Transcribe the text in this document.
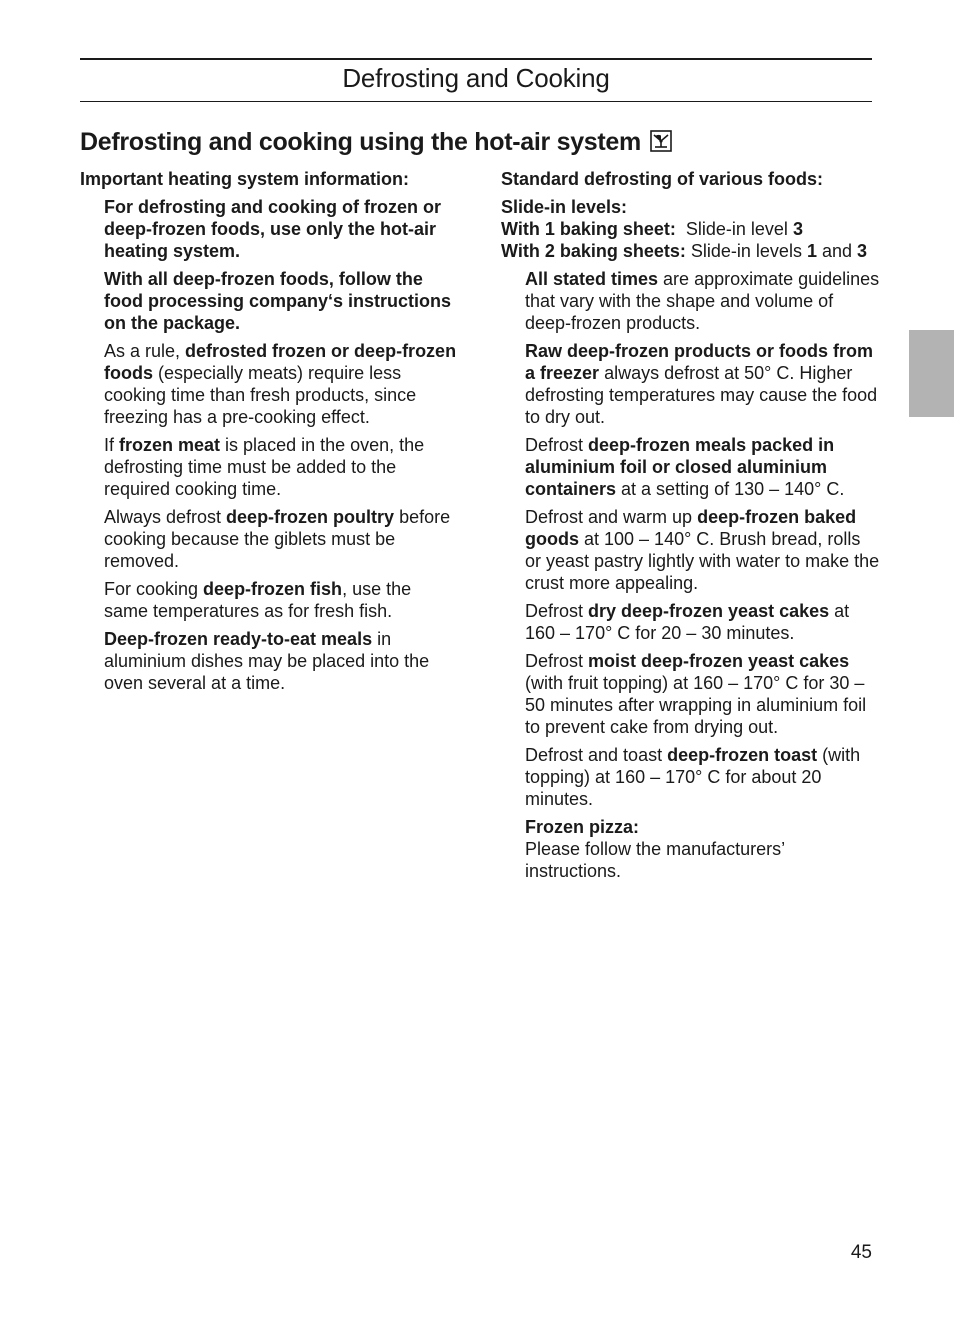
Defrosting and Cooking
Defrosting and cooking using the hot-air system

Important heating system information:

For defrosting and cooking of frozen or deep-frozen foods, use only the hot-air heating system.

With all deep-frozen foods, follow the food processing company‘s instructions on the package.

As a rule, defrosted frozen or deep-frozen foods (especially meats) require less cooking time than fresh products, since freezing has a pre-cooking effect.

If frozen meat is placed in the oven, the defrosting time must be added to the required cooking time.

Always defrost deep-frozen poultry before cooking because the giblets must be removed.

For cooking deep-frozen fish, use the same temperatures as for fresh fish.

Deep-frozen ready-to-eat meals in aluminium dishes may be placed into the oven several at a time.

Standard defrosting of various foods:

Slide-in levels:

With 1 baking sheet: Slide-in level 3

With 2 baking sheets: Slide-in levels 1 and 3

All stated times are approximate guidelines that vary with the shape and volume of deep-frozen products.

Raw deep-frozen products or foods from a freezer always defrost at 50° C. Higher defrosting temperatures may cause the food to dry out.

Defrost deep-frozen meals packed in aluminium foil or closed aluminium containers at a setting of 130 – 140° C.

Defrost and warm up deep-frozen baked goods at 100 – 140° C. Brush bread, rolls or yeast pastry lightly with water to make the crust more appealing.

Defrost dry deep-frozen yeast cakes at 160 – 170° C for 20 – 30 minutes.

Defrost moist deep-frozen yeast cakes (with fruit topping) at 160 – 170° C for 30 – 50 minutes after wrapping in aluminium foil to prevent cake from drying out.

Defrost and toast deep-frozen toast (with topping) at 160 – 170° C for about 20 minutes.

Frozen pizza:

Please follow the manufacturers’ instructions.

45
